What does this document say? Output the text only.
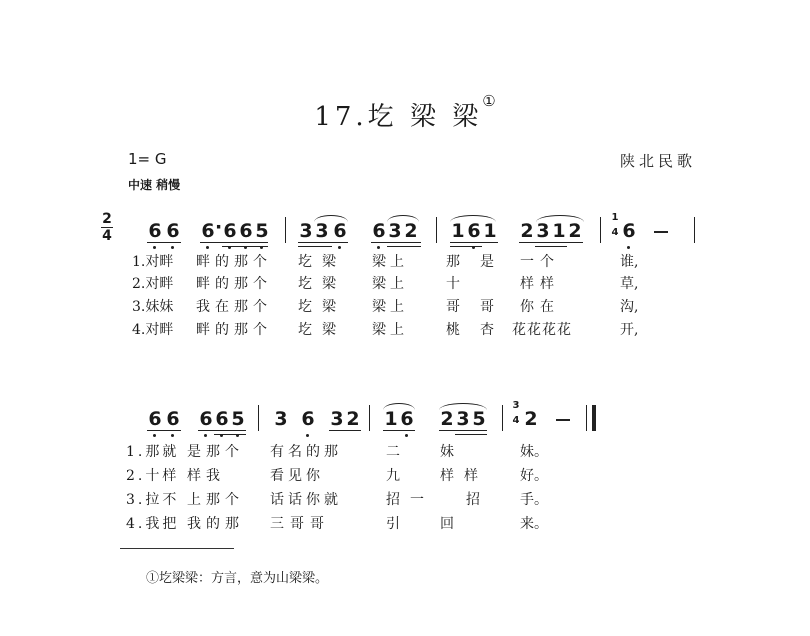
17.圪 梁 梁①
1= G	陕北民歌
中速 稍慢
2
4 6 6 6 · 6 6 5 3 3 6 6 3 2 1 6 1 2 3 1 2
1
4 6
1.对畔 畔的那个 圪梁 梁上	那 是 一个	谁,
2.对畔 畔的那个 圪梁 梁上	十	样样	草,
3.妹妹 我在那个 圪梁 梁上	哥 哥 你在	沟,
4.对畔 畔的那个 圪梁 梁上	桃 杏 花花花花	开,
6 6 6 6 5 3 6 3 2 1 6 2 3 5
3
4 2
1.那就 是那个 有名的那	二	妹	妹。
2.十样 样我	看见你	九	样样 好。
3.拉不 上那个 话话你就	招一 招	手。
4.我把 我的那 三哥哥	引	回	来。
①圪梁梁：方言，意为山梁梁。
